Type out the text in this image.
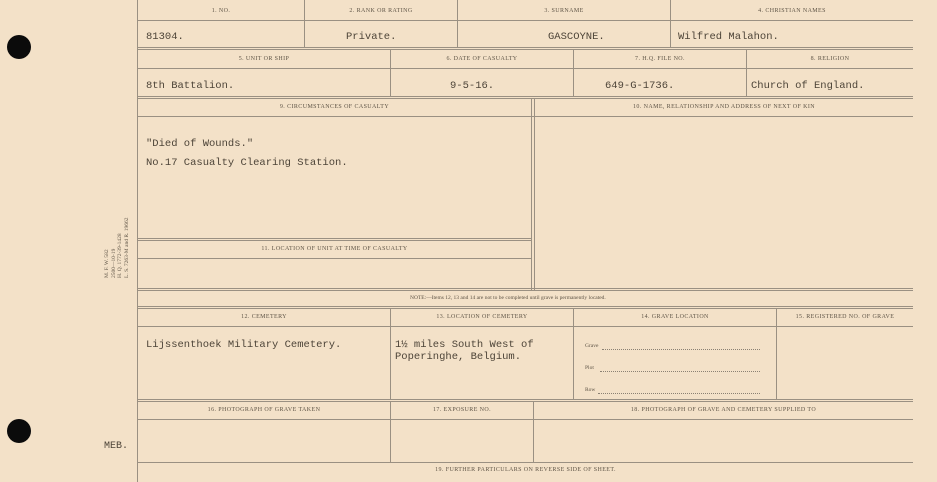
M. F. W. 582
2500—10-19
H. Q. 1772-39-1428
L. S. 7263-M and R. 19662
MEB.
1. NO.	2. RANK OR RATING	3. SURNAME	4. CHRISTIAN NAMES
81304.	Private.	GASCOYNE.	Wilfred Malahon.
5. UNIT OR SHIP	6. DATE OF CASUALTY	7. H.Q. FILE NO.	8. RELIGION
8th Battalion.	9-5-16.	649-G-1736.	Church of England.
9. CIRCUMSTANCES OF CASUALTY	10. NAME, RELATIONSHIP AND ADDRESS OF NEXT OF KIN
"Died of Wounds."
No.17 Casualty Clearing Station.
11. LOCATION OF UNIT AT TIME OF CASUALTY
NOTE:—Items 12, 13 and 14 are not to be completed until grave is permanently located.
12. CEMETERY	13. LOCATION OF CEMETERY	14. GRAVE LOCATION	15. REGISTERED NO. OF GRAVE
Lijssenthoek Military Cemetery.	1½ miles South West of
Poperinghe, Belgium.
Grave
Plot
Row
16. PHOTOGRAPH OF GRAVE TAKEN	17. EXPOSURE NO.	18. PHOTOGRAPH OF GRAVE AND CEMETERY SUPPLIED TO
19. FURTHER PARTICULARS ON REVERSE SIDE OF SHEET.
